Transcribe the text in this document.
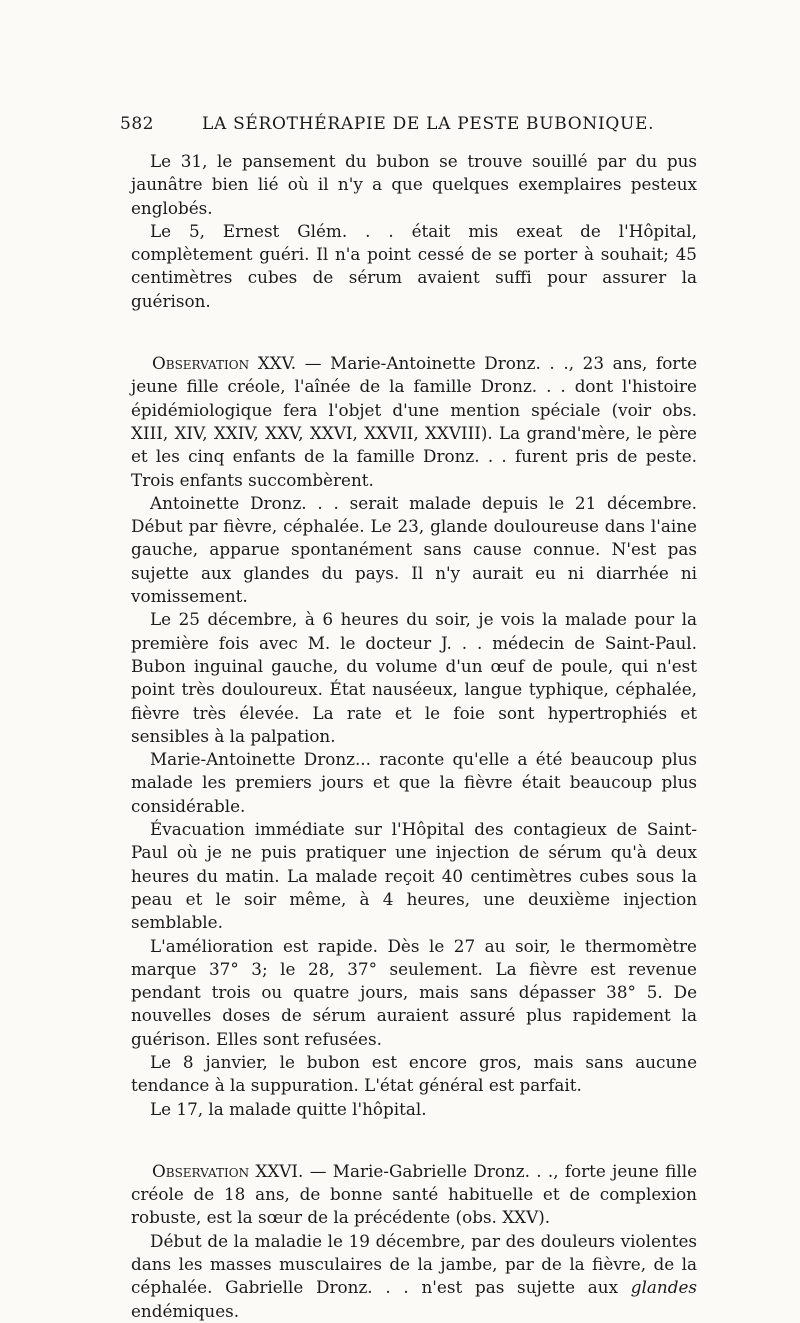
582	LA SÉROTHÉRAPIE DE LA PESTE BUBONIQUE.

Le 31, le pansement du bubon se trouve souillé par du pus jaunâtre bien lié où il n'y a que quelques exemplaires pesteux englobés.

Le 5, Ernest Glém. . . était mis exeat de l'Hôpital, complètement guéri. Il n'a point cessé de se porter à souhait; 45 centimètres cubes de sérum avaient suffi pour assurer la guérison.

Observation XXV. — Marie-Antoinette Dronz. . ., 23 ans, forte jeune fille créole, l'aînée de la famille Dronz. . . dont l'histoire épidémiologique fera l'objet d'une mention spéciale (voir obs. XIII, XIV, XXIV, XXV, XXVI, XXVII, XXVIII). La grand'mère, le père et les cinq enfants de la famille Dronz. . . furent pris de peste. Trois enfants succombèrent.

Antoinette Dronz. . . serait malade depuis le 21 décembre. Début par fièvre, céphalée. Le 23, glande douloureuse dans l'aine gauche, apparue spontanément sans cause connue. N'est pas sujette aux glandes du pays. Il n'y aurait eu ni diarrhée ni vomissement.

Le 25 décembre, à 6 heures du soir, je vois la malade pour la première fois avec M. le docteur J. . . médecin de Saint-Paul. Bubon inguinal gauche, du volume d'un œuf de poule, qui n'est point très douloureux. État nauséeux, langue typhique, céphalée, fièvre très élevée. La rate et le foie sont hypertrophiés et sensibles à la palpation.

Marie-Antoinette Dronz... raconte qu'elle a été beaucoup plus malade les premiers jours et que la fièvre était beaucoup plus considérable.

Évacuation immédiate sur l'Hôpital des contagieux de Saint-Paul où je ne puis pratiquer une injection de sérum qu'à deux heures du matin. La malade reçoit 40 centimètres cubes sous la peau et le soir même, à 4 heures, une deuxième injection semblable.

L'amélioration est rapide. Dès le 27 au soir, le thermomètre marque 37° 3; le 28, 37° seulement. La fièvre est revenue pendant trois ou quatre jours, mais sans dépasser 38° 5. De nouvelles doses de sérum auraient assuré plus rapidement la guérison. Elles sont refusées.

Le 8 janvier, le bubon est encore gros, mais sans aucune tendance à la suppuration. L'état général est parfait.

Le 17, la malade quitte l'hôpital.

Observation XXVI. — Marie-Gabrielle Dronz. . ., forte jeune fille créole de 18 ans, de bonne santé habituelle et de complexion robuste, est la sœur de la précédente (obs. XXV).

Début de la maladie le 19 décembre, par des douleurs violentes dans les masses musculaires de la jambe, par de la fièvre, de la céphalée. Gabrielle Dronz. . . n'est pas sujette aux glandes endémiques.
